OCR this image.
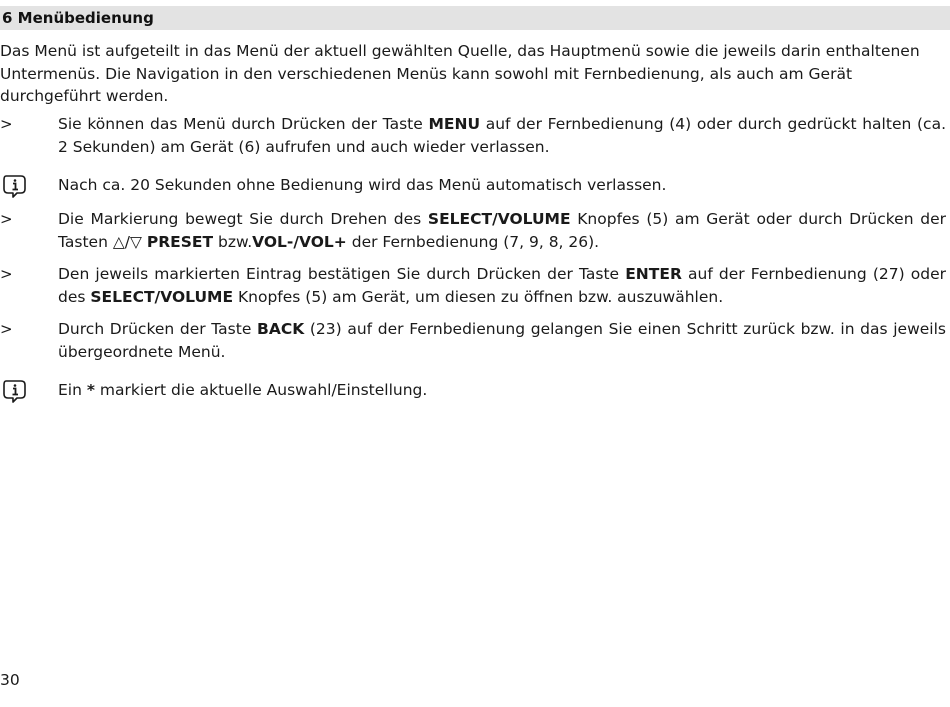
6 Menübedienung
Das Menü ist aufgeteilt in das Menü der aktuell gewählten Quelle, das Hauptmenü sowie die jeweils darin enthaltenen Untermenüs. Die Navigation in den verschiedenen Menüs kann sowohl mit Fernbedienung, als auch am Gerät durchgeführt werden.
>	Sie können das Menü durch Drücken der Taste MENU auf der Fernbedienung (4) oder durch gedrückt halten (ca. 2 Sekunden) am Gerät (6) aufrufen und auch wieder verlassen.
Nach ca. 20 Sekunden ohne Bedienung wird das Menü automatisch verlassen.
>	Die Markierung bewegt Sie durch Drehen des SELECT/VOLUME Knopfes (5) am Gerät oder durch Drücken der Tasten △/▽ PRESET bzw.VOL-/VOL+ der Fernbedienung (7, 9, 8, 26).
>	Den jeweils markierten Eintrag bestätigen Sie durch Drücken der Taste ENTER auf der Fernbedienung (27) oder des SELECT/VOLUME Knopfes (5) am Gerät, um diesen zu öffnen bzw. auszuwählen.
>	Durch Drücken der Taste BACK (23) auf der Fernbedienung gelangen Sie einen Schritt zurück bzw. in das jeweils übergeordnete Menü.
Ein * markiert die aktuelle Auswahl/Einstellung.
30
